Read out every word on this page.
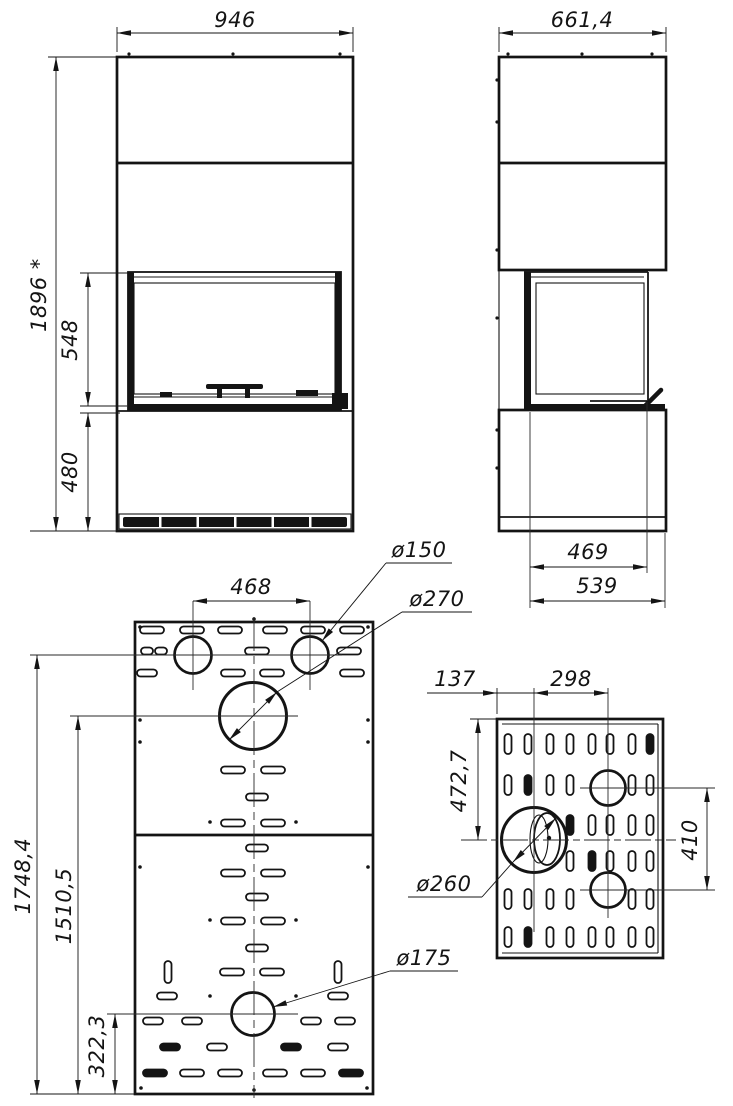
946
1896 *
548
480
661,4
469
539
468
1748,4 1510,5
322,3
ø150
ø270
ø175
137	298
472,7
410
ø260
